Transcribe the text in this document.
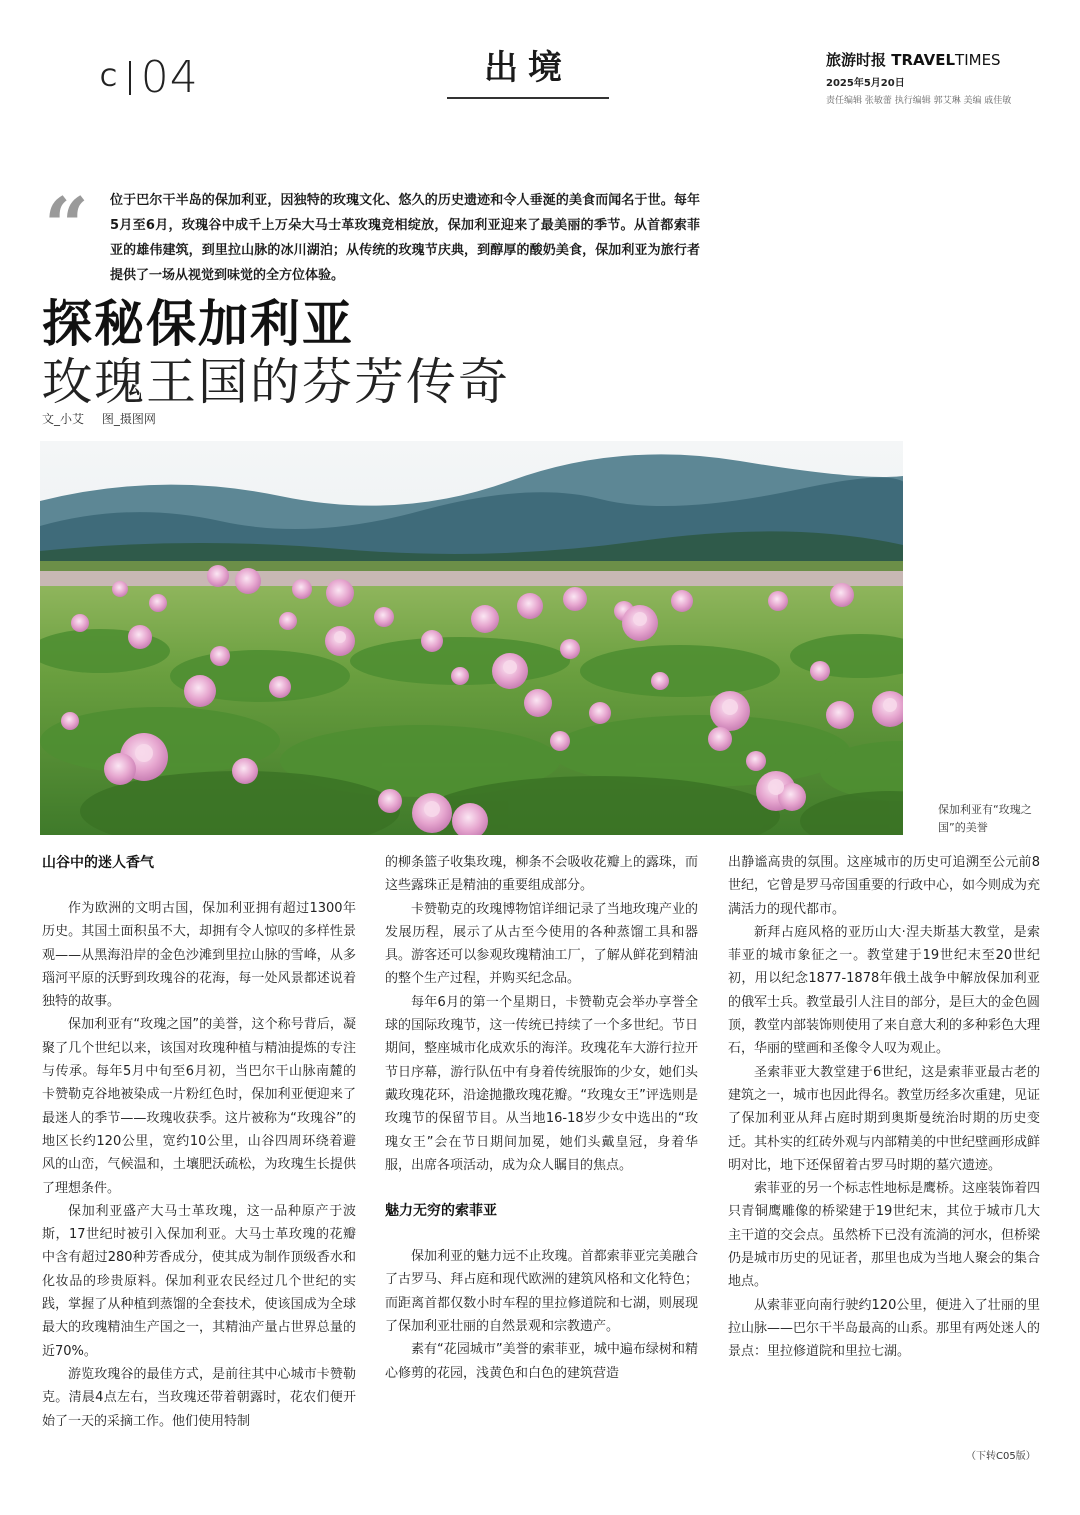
C 04	出境	旅游时报 TRAVELTIMES
2025年5月20日
责任编辑 张敏蕾 执行编辑 郭艾琳 美编 戚佳敏
“ 位于巴尔干半岛的保加利亚，因独特的玫瑰文化、悠久的历史遗迹和令人垂涎的美食而闻名于世。每年5月至6月，玫瑰谷中成千上万朵大马士革玫瑰竞相绽放，保加利亚迎来了最美丽的季节。从首都索菲亚的雄伟建筑，到里拉山脉的冰川湖泊；从传统的玫瑰节庆典，到醇厚的酸奶美食，保加利亚为旅行者提供了一场从视觉到味觉的全方位体验。
探秘保加利亚
玫瑰王国的芬芳传奇
文_小艾 图_摄图网
保加利亚有“玫瑰之国”的美誉
山谷中的迷人香气

作为欧洲的文明古国，保加利亚拥有超过1300年历史。其国土面积虽不大，却拥有令人惊叹的多样性景观——从黑海沿岸的金色沙滩到里拉山脉的雪峰，从多瑙河平原的沃野到玫瑰谷的花海，每一处风景都述说着独特的故事。

保加利亚有“玫瑰之国”的美誉，这个称号背后，凝聚了几个世纪以来，该国对玫瑰种植与精油提炼的专注与传承。每年5月中旬至6月初，当巴尔干山脉南麓的卡赞勒克谷地被染成一片粉红色时，保加利亚便迎来了最迷人的季节——玫瑰收获季。这片被称为“玫瑰谷”的地区长约120公里，宽约10公里，山谷四周环绕着避风的山峦，气候温和，土壤肥沃疏松，为玫瑰生长提供了理想条件。

保加利亚盛产大马士革玫瑰，这一品种原产于波斯，17世纪时被引入保加利亚。大马士革玫瑰的花瓣中含有超过280种芳香成分，使其成为制作顶级香水和化妆品的珍贵原料。保加利亚农民经过几个世纪的实践，掌握了从种植到蒸馏的全套技术，使该国成为全球最大的玫瑰精油生产国之一，其精油产量占世界总量的近70%。

游览玫瑰谷的最佳方式，是前往其中心城市卡赞勒克。清晨4点左右，当玫瑰还带着朝露时，花农们便开始了一天的采摘工作。他们使用特制

的柳条篮子收集玫瑰，柳条不会吸收花瓣上的露珠，而这些露珠正是精油的重要组成部分。

卡赞勒克的玫瑰博物馆详细记录了当地玫瑰产业的发展历程，展示了从古至今使用的各种蒸馏工具和器具。游客还可以参观玫瑰精油工厂，了解从鲜花到精油的整个生产过程，并购买纪念品。

每年6月的第一个星期日，卡赞勒克会举办享誉全球的国际玫瑰节，这一传统已持续了一个多世纪。节日期间，整座城市化成欢乐的海洋。玫瑰花车大游行拉开节日序幕，游行队伍中有身着传统服饰的少女，她们头戴玫瑰花环，沿途抛撒玫瑰花瓣。“玫瑰女王”评选则是玫瑰节的保留节目。从当地16-18岁少女中选出的“玫瑰女王”会在节日期间加冕，她们头戴皇冠，身着华服，出席各项活动，成为众人瞩目的焦点。

魅力无穷的索菲亚

保加利亚的魅力远不止玫瑰。首都索菲亚完美融合了古罗马、拜占庭和现代欧洲的建筑风格和文化特色；而距离首都仅数小时车程的里拉修道院和七湖，则展现了保加利亚壮丽的自然景观和宗教遗产。

素有“花园城市”美誉的索菲亚，城中遍布绿树和精心修剪的花园，浅黄色和白色的建筑营造

出静谧高贵的氛围。这座城市的历史可追溯至公元前8世纪，它曾是罗马帝国重要的行政中心，如今则成为充满活力的现代都市。

新拜占庭风格的亚历山大·涅夫斯基大教堂，是索菲亚的城市象征之一。教堂建于19世纪末至20世纪初，用以纪念1877-1878年俄土战争中解放保加利亚的俄军士兵。教堂最引人注目的部分，是巨大的金色圆顶，教堂内部装饰则使用了来自意大利的多种彩色大理石，华丽的壁画和圣像令人叹为观止。

圣索菲亚大教堂建于6世纪，这是索菲亚最古老的建筑之一，城市也因此得名。教堂历经多次重建，见证了保加利亚从拜占庭时期到奥斯曼统治时期的历史变迁。其朴实的红砖外观与内部精美的中世纪壁画形成鲜明对比，地下还保留着古罗马时期的墓穴遗迹。

索菲亚的另一个标志性地标是鹰桥。这座装饰着四只青铜鹰雕像的桥梁建于19世纪末，其位于城市几大主干道的交会点。虽然桥下已没有流淌的河水，但桥梁仍是城市历史的见证者，那里也成为当地人聚会的集合地点。

从索菲亚向南行驶约120公里，便进入了壮丽的里拉山脉——巴尔干半岛最高的山系。那里有两处迷人的景点：里拉修道院和里拉七湖。

（下转C05版）
